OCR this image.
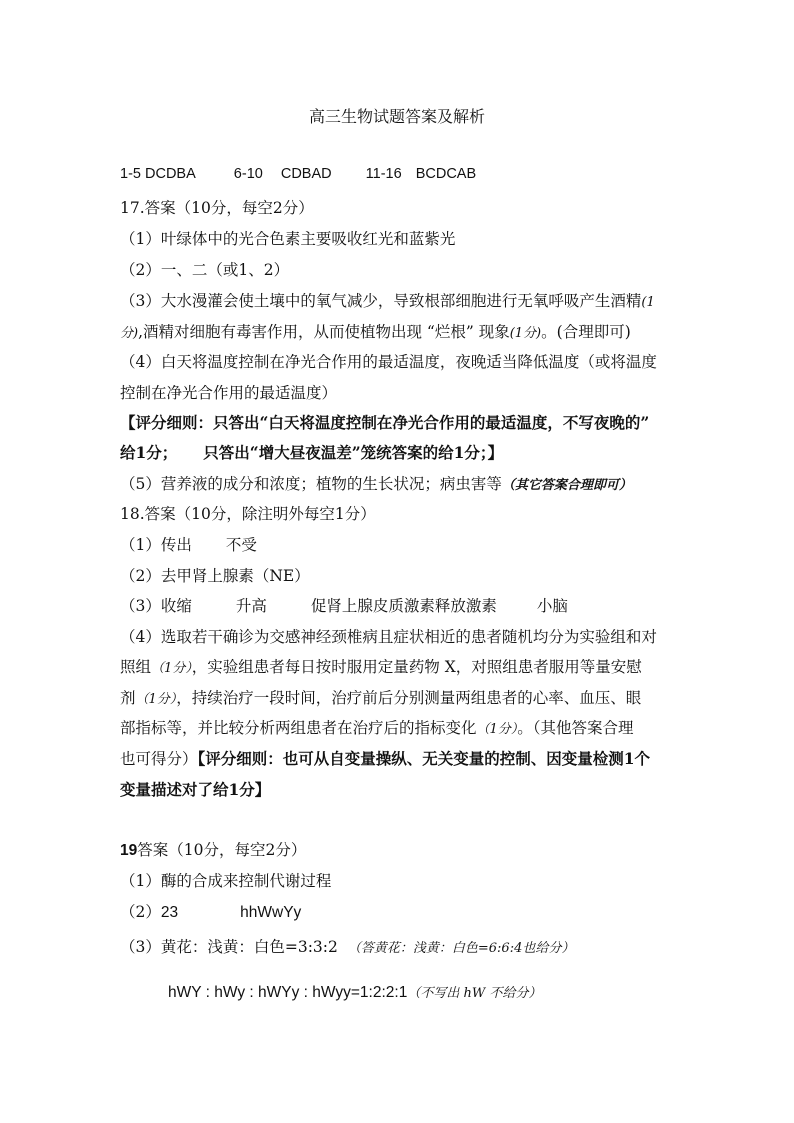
高三生物试题答案及解析
1-5 DCDBA	6-10 CDBAD 11-16 BCDCAB
17.答案（10分，每空2分）
（1）叶绿体中的光合色素主要吸收红光和蓝紫光
（2）一、二（或1、2）
（3）大水漫灌会使土壤中的氧气减少，导致根部细胞进行无氧呼吸产生酒精(1
分),酒精对细胞有毒害作用，从而使植物出现 “烂根” 现象(1分)。(合理即可)
（4）白天将温度控制在净光合作用的最适温度，夜晚适当降低温度（或将温度
控制在净光合作用的最适温度）
【评分细则：只答出“白天将温度控制在净光合作用的最适温度，不写夜晚的”
给1分； 只答出“增大昼夜温差”笼统答案的给1分；】
（5）营养液的成分和浓度；植物的生长状况；病虫害等（其它答案合理即可）
18.答案（10分，除注明外每空1分）
（1）传出 不受
（2）去甲肾上腺素（NE）
（3）收缩	升高	促肾上腺皮质激素释放激素	小脑
（4）选取若干确诊为交感神经颈椎病且症状相近的患者随机均分为实验组和对
照组（1分），实验组患者每日按时服用定量药物 X，对照组患者服用等量安慰
剂（1分），持续治疗一段时间，治疗前后分别测量两组患者的心率、血压、眼
部指标等，并比较分析两组患者在治疗后的指标变化（1分）。（其他答案合理
也可得分）【评分细则：也可从自变量操纵、无关变量的控制、因变量检测1个
变量描述对了给1分】
19答案（10分，每空2分）
（1）酶的合成来控制代谢过程
（2）23	hhWwYy
（3）黄花：浅黄：白色=3:3:2 （答黄花：浅黄：白色=6:6:4也给分）
hWY : hWy : hWYy : hWyy=1:2:2:1（不写出 hW 不给分）
